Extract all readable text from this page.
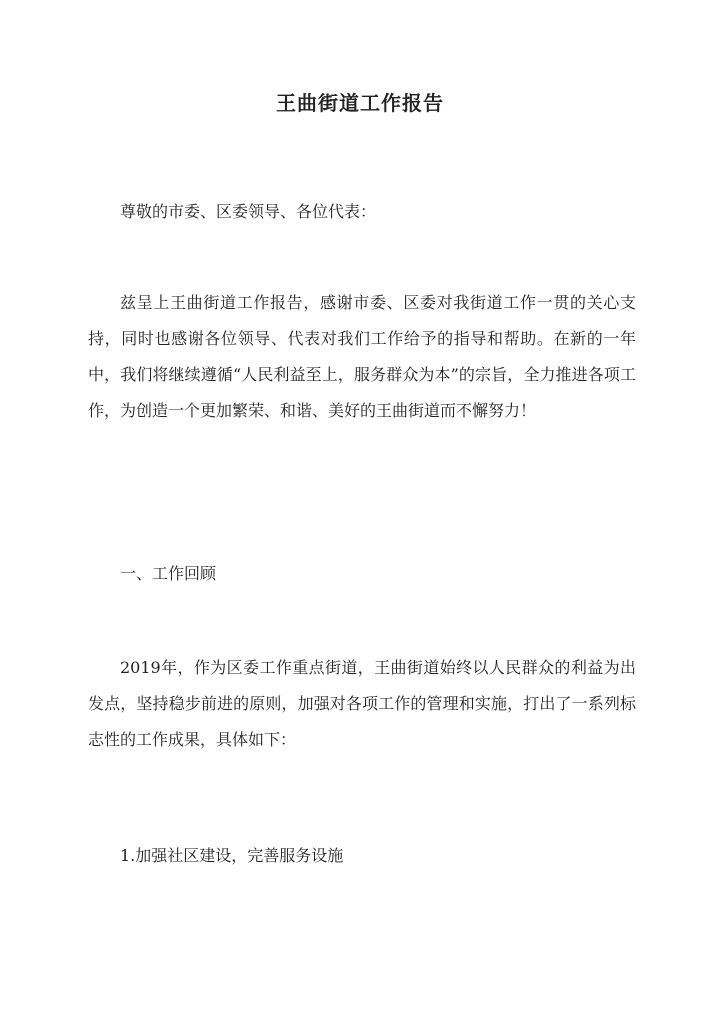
王曲街道工作报告
尊敬的市委、区委领导、各位代表：
兹呈上王曲街道工作报告，感谢市委、区委对我街道工作一贯的关心支持，同时也感谢各位领导、代表对我们工作给予的指导和帮助。在新的一年中，我们将继续遵循“人民利益至上，服务群众为本”的宗旨，全力推进各项工作，为创造一个更加繁荣、和谐、美好的王曲街道而不懈努力！
一、工作回顾
2019年，作为区委工作重点街道，王曲街道始终以人民群众的利益为出发点，坚持稳步前进的原则，加强对各项工作的管理和实施，打出了一系列标志性的工作成果，具体如下：
1.加强社区建设，完善服务设施
